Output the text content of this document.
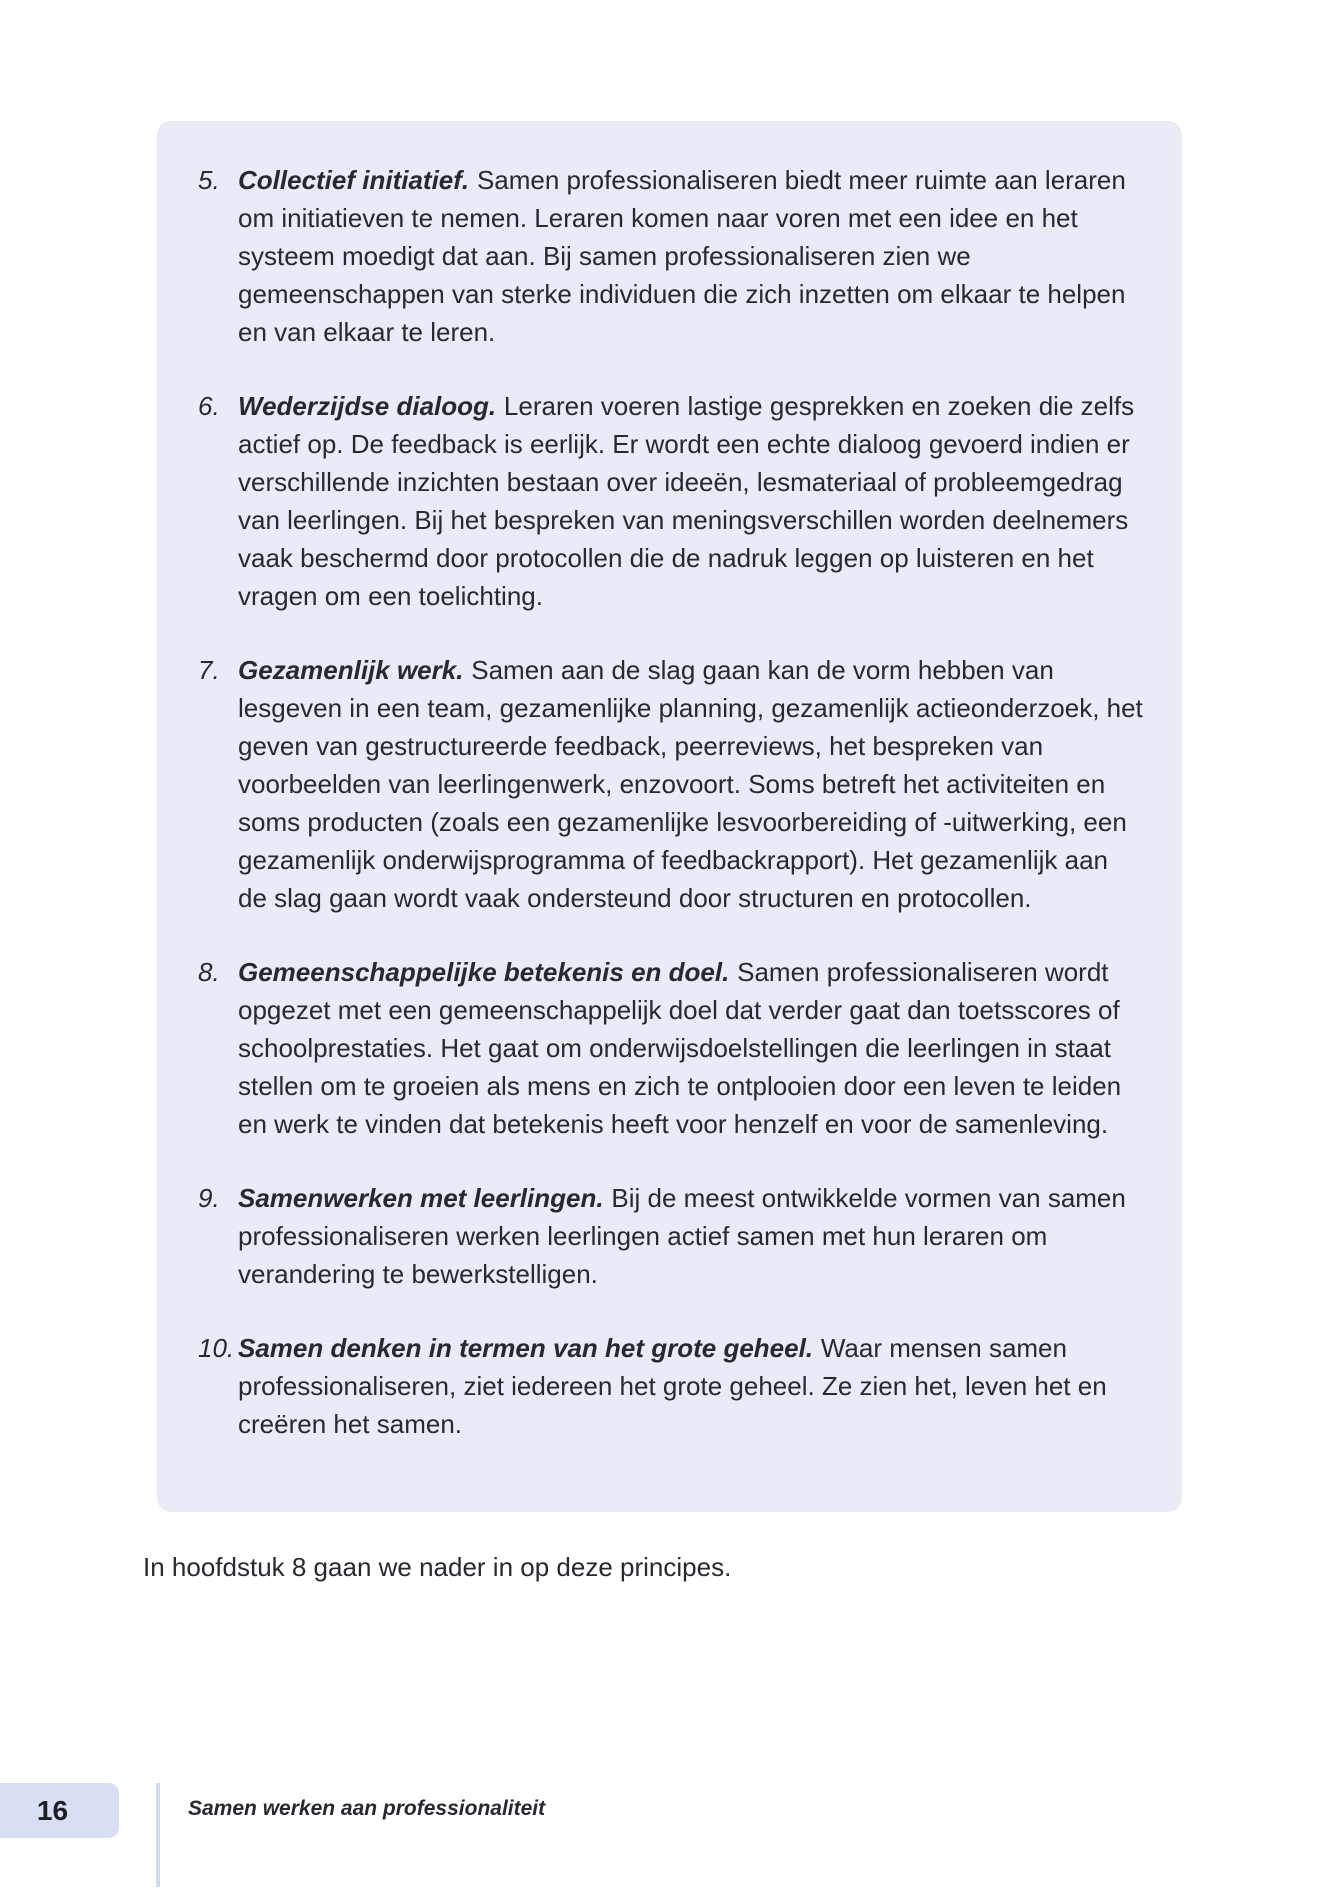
5. Collectief initiatief. Samen professionaliseren biedt meer ruimte aan leraren om initiatieven te nemen. Leraren komen naar voren met een idee en het systeem moedigt dat aan. Bij samen professionaliseren zien we gemeenschappen van sterke individuen die zich inzetten om elkaar te helpen en van elkaar te leren.

6. Wederzijdse dialoog. Leraren voeren lastige gesprekken en zoeken die zelfs actief op. De feedback is eerlijk. Er wordt een echte dialoog gevoerd indien er verschillende inzichten bestaan over ideeën, lesmateriaal of probleemgedrag van leerlingen. Bij het bespreken van meningsverschillen worden deelnemers vaak beschermd door protocollen die de nadruk leggen op luisteren en het vragen om een toelichting.

7. Gezamenlijk werk. Samen aan de slag gaan kan de vorm hebben van lesgeven in een team, gezamenlijke planning, gezamenlijk actieonderzoek, het geven van gestructureerde feedback, peerreviews, het bespreken van voorbeelden van leerlingenwerk, enzovoort. Soms betreft het activiteiten en soms producten (zoals een gezamenlijke lesvoorbereiding of -uitwerking, een gezamenlijk onderwijsprogramma of feedbackrapport). Het gezamenlijk aan de slag gaan wordt vaak ondersteund door structuren en protocollen.

8. Gemeenschappelijke betekenis en doel. Samen professionaliseren wordt opgezet met een gemeenschappelijk doel dat verder gaat dan toetsscores of schoolprestaties. Het gaat om onderwijsdoelstellingen die leerlingen in staat stellen om te groeien als mens en zich te ontplooien door een leven te leiden en werk te vinden dat betekenis heeft voor henzelf en voor de samenleving.

9. Samenwerken met leerlingen. Bij de meest ontwikkelde vormen van samen professionaliseren werken leerlingen actief samen met hun leraren om verandering te bewerkstelligen.

10. Samen denken in termen van het grote geheel. Waar mensen samen professionaliseren, ziet iedereen het grote geheel. Ze zien het, leven het en creëren het samen.

In hoofdstuk 8 gaan we nader in op deze principes.

16	Samen werken aan professionaliteit
